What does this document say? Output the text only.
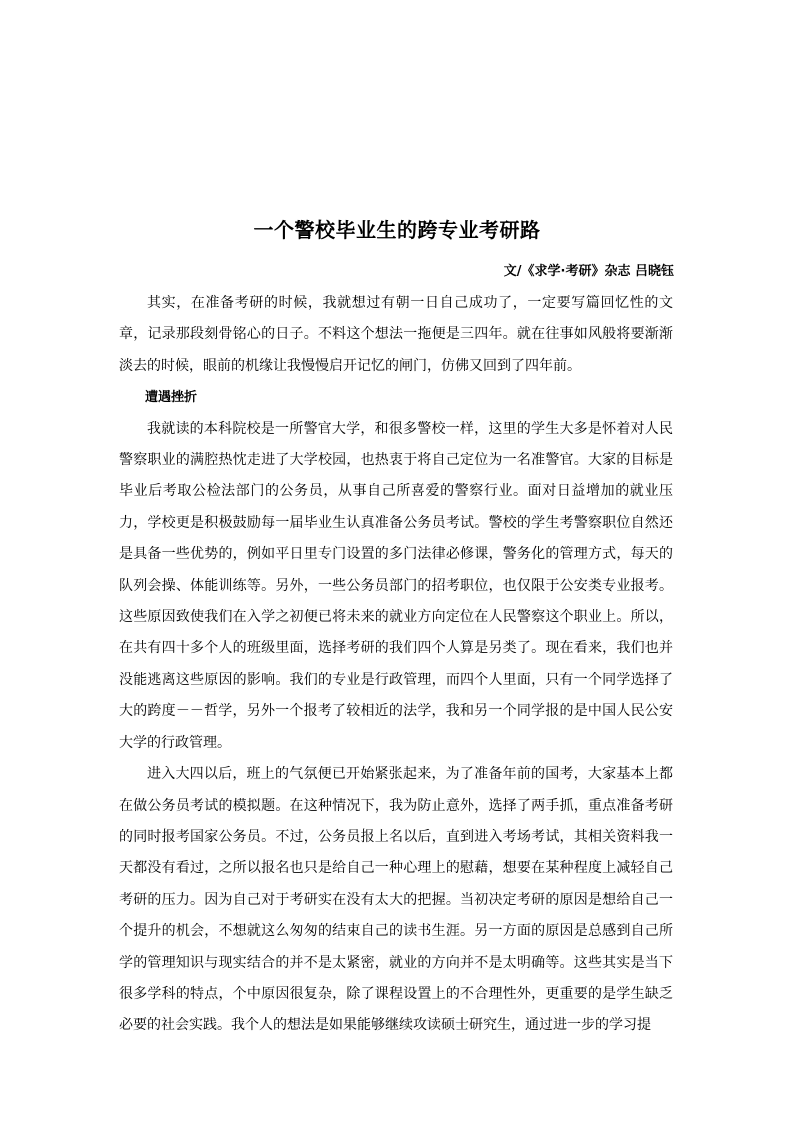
一个警校毕业生的跨专业考研路
文/《求学·考研》杂志 吕晓钰

其实，在准备考研的时候，我就想过有朝一日自己成功了，一定要写篇回忆性的文章，记录那段刻骨铭心的日子。不料这个想法一拖便是三四年。就在往事如风般将要渐渐淡去的时候，眼前的机缘让我慢慢启开记忆的闸门，仿佛又回到了四年前。

遭遇挫折

我就读的本科院校是一所警官大学，和很多警校一样，这里的学生大多是怀着对人民警察职业的满腔热忱走进了大学校园，也热衷于将自己定位为一名准警官。大家的目标是毕业后考取公检法部门的公务员，从事自己所喜爱的警察行业。面对日益增加的就业压力，学校更是积极鼓励每一届毕业生认真准备公务员考试。警校的学生考警察职位自然还是具备一些优势的，例如平日里专门设置的多门法律必修课，警务化的管理方式，每天的队列会操、体能训练等。另外，一些公务员部门的招考职位，也仅限于公安类专业报考。这些原因致使我们在入学之初便已将未来的就业方向定位在人民警察这个职业上。所以，在共有四十多个人的班级里面，选择考研的我们四个人算是另类了。现在看来，我们也并没能逃离这些原因的影响。我们的专业是行政管理，而四个人里面，只有一个同学选择了大的跨度－－哲学，另外一个报考了较相近的法学，我和另一个同学报的是中国人民公安大学的行政管理。

进入大四以后，班上的气氛便已开始紧张起来，为了准备年前的国考，大家基本上都在做公务员考试的模拟题。在这种情况下，我为防止意外，选择了两手抓，重点准备考研的同时报考国家公务员。不过，公务员报上名以后，直到进入考场考试，其相关资料我一天都没有看过，之所以报名也只是给自己一种心理上的慰藉，想要在某种程度上减轻自己考研的压力。因为自己对于考研实在没有太大的把握。当初决定考研的原因是想给自己一个提升的机会，不想就这么匆匆的结束自己的读书生涯。另一方面的原因是总感到自己所学的管理知识与现实结合的并不是太紧密，就业的方向并不是太明确等。这些其实是当下很多学科的特点，个中原因很复杂，除了课程设置上的不合理性外，更重要的是学生缺乏必要的社会实践。我个人的想法是如果能够继续攻读硕士研究生，通过进一步的学习提
